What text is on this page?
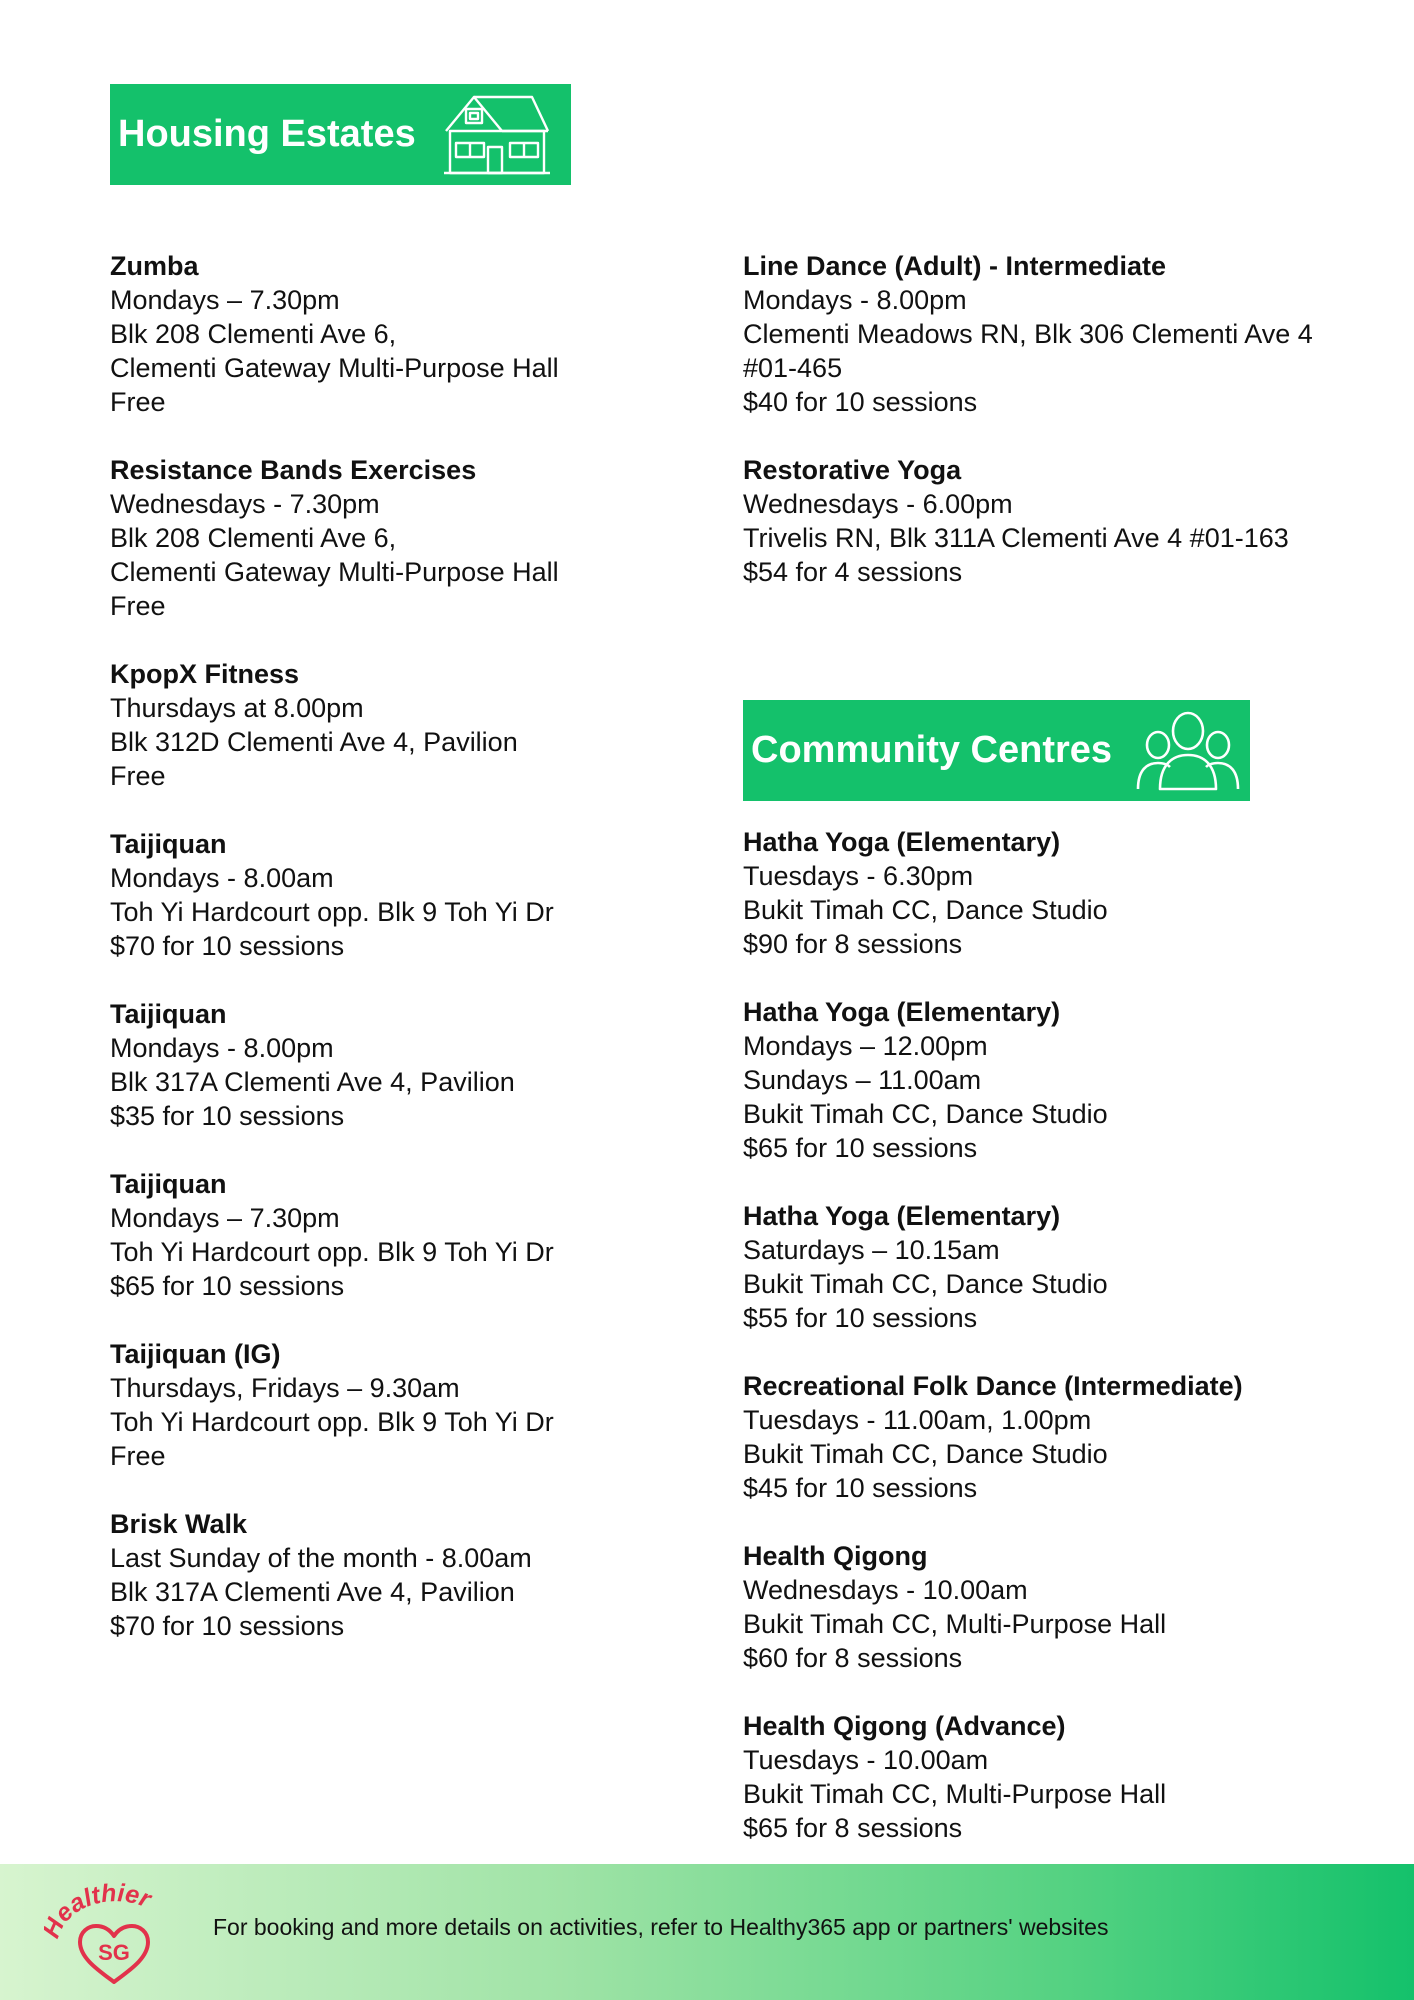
Housing Estates
Zumba
Mondays – 7.30pm
Blk 208 Clementi Ave 6,
Clementi Gateway Multi-Purpose Hall
Free
Resistance Bands Exercises
Wednesdays - 7.30pm
Blk 208 Clementi Ave 6,
Clementi Gateway Multi-Purpose Hall
Free
KpopX Fitness
Thursdays at 8.00pm
Blk 312D Clementi Ave 4, Pavilion
Free
Taijiquan
Mondays - 8.00am
Toh Yi Hardcourt opp. Blk 9 Toh Yi Dr
$70 for 10 sessions
Taijiquan
Mondays - 8.00pm
Blk 317A Clementi Ave 4, Pavilion
$35 for 10 sessions
Taijiquan
Mondays – 7.30pm
Toh Yi Hardcourt opp. Blk 9 Toh Yi Dr
$65 for 10 sessions
Taijiquan (IG)
Thursdays, Fridays – 9.30am
Toh Yi Hardcourt opp. Blk 9 Toh Yi Dr
Free
Brisk Walk
Last Sunday of the month - 8.00am
Blk 317A Clementi Ave 4, Pavilion
$70 for 10 sessions
Line Dance (Adult) - Intermediate
Mondays - 8.00pm
Clementi Meadows RN, Blk 306 Clementi Ave 4
#01-465
$40 for 10 sessions
Restorative Yoga
Wednesdays - 6.00pm
Trivelis RN, Blk 311A Clementi Ave 4 #01-163
$54 for 4 sessions
Community Centres
Hatha Yoga (Elementary)
Tuesdays - 6.30pm
Bukit Timah CC, Dance Studio
$90 for 8 sessions
Hatha Yoga (Elementary)
Mondays – 12.00pm
Sundays – 11.00am
Bukit Timah CC, Dance Studio
$65 for 10 sessions
Hatha Yoga (Elementary)
Saturdays – 10.15am
Bukit Timah CC, Dance Studio
$55 for 10 sessions
Recreational Folk Dance (Intermediate)
Tuesdays - 11.00am, 1.00pm
Bukit Timah CC, Dance Studio
$45 for 10 sessions
Health Qigong
Wednesdays - 10.00am
Bukit Timah CC, Multi-Purpose Hall
$60 for 8 sessions
Health Qigong (Advance)
Tuesdays - 10.00am
Bukit Timah CC, Multi-Purpose Hall
$65 for 8 sessions
ealthier
SG
For booking and more details on activities, refer to Healthy365 app or partners' websites
